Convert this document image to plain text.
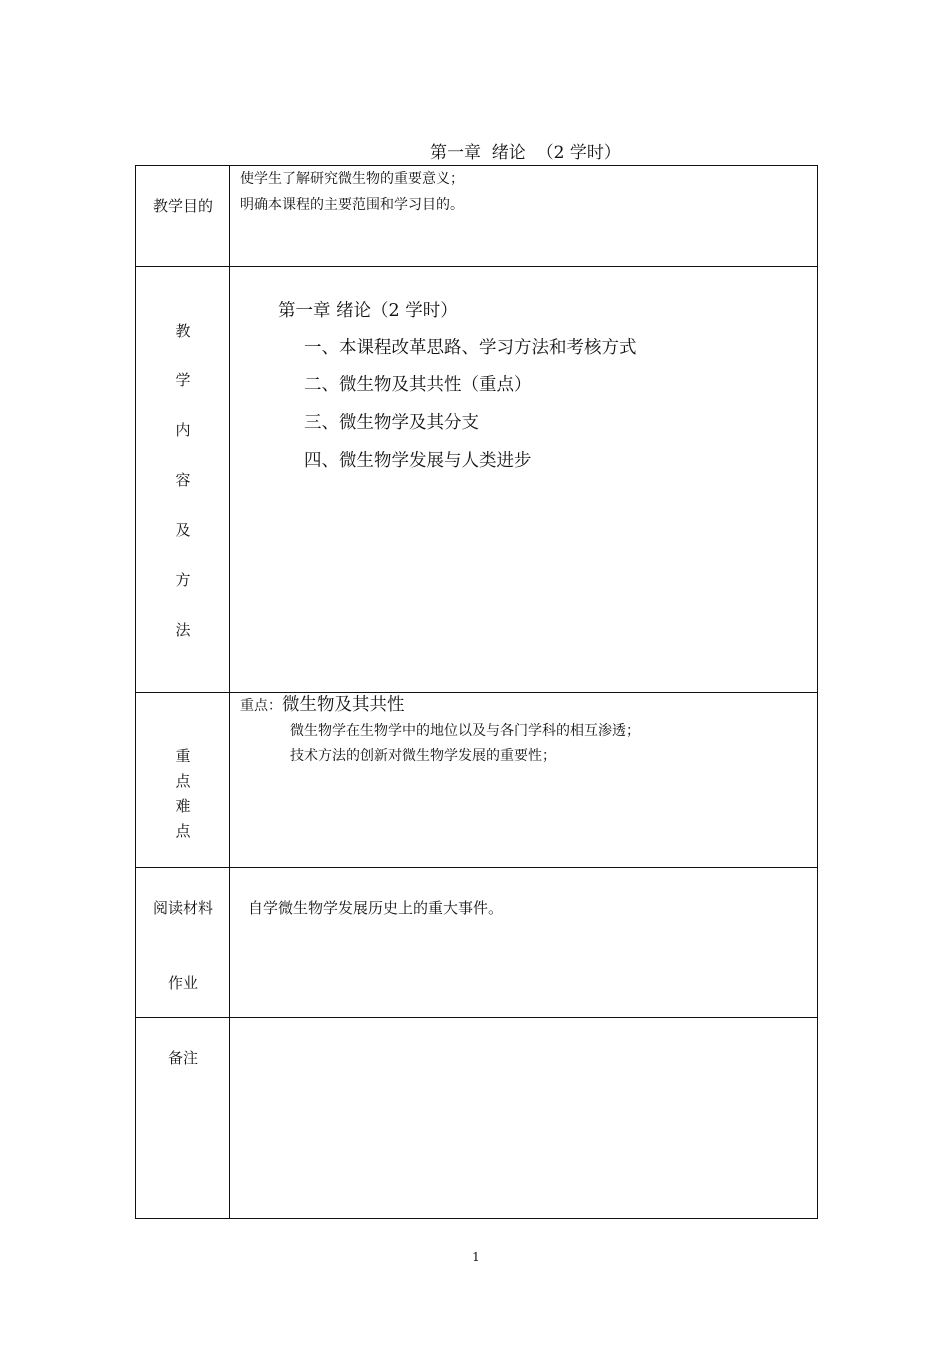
第一章  绪论  （2 学时）
教学目的
使学生了解研究微生物的重要意义；
明确本课程的主要范围和学习目的。
教
学
内
容
及
方
法
第一章 绪论（2 学时）
一、本课程改革思路、学习方法和考核方式
二、微生物及其共性（重点）
三、微生物学及其分支
四、微生物学发展与人类进步
重
点
难
点
重点：微生物及其共性
微生物学在生物学中的地位以及与各门学科的相互渗透；
技术方法的创新对微生物学发展的重要性；
阅读材料
作业
自学微生物学发展历史上的重大事件。
备注
1
